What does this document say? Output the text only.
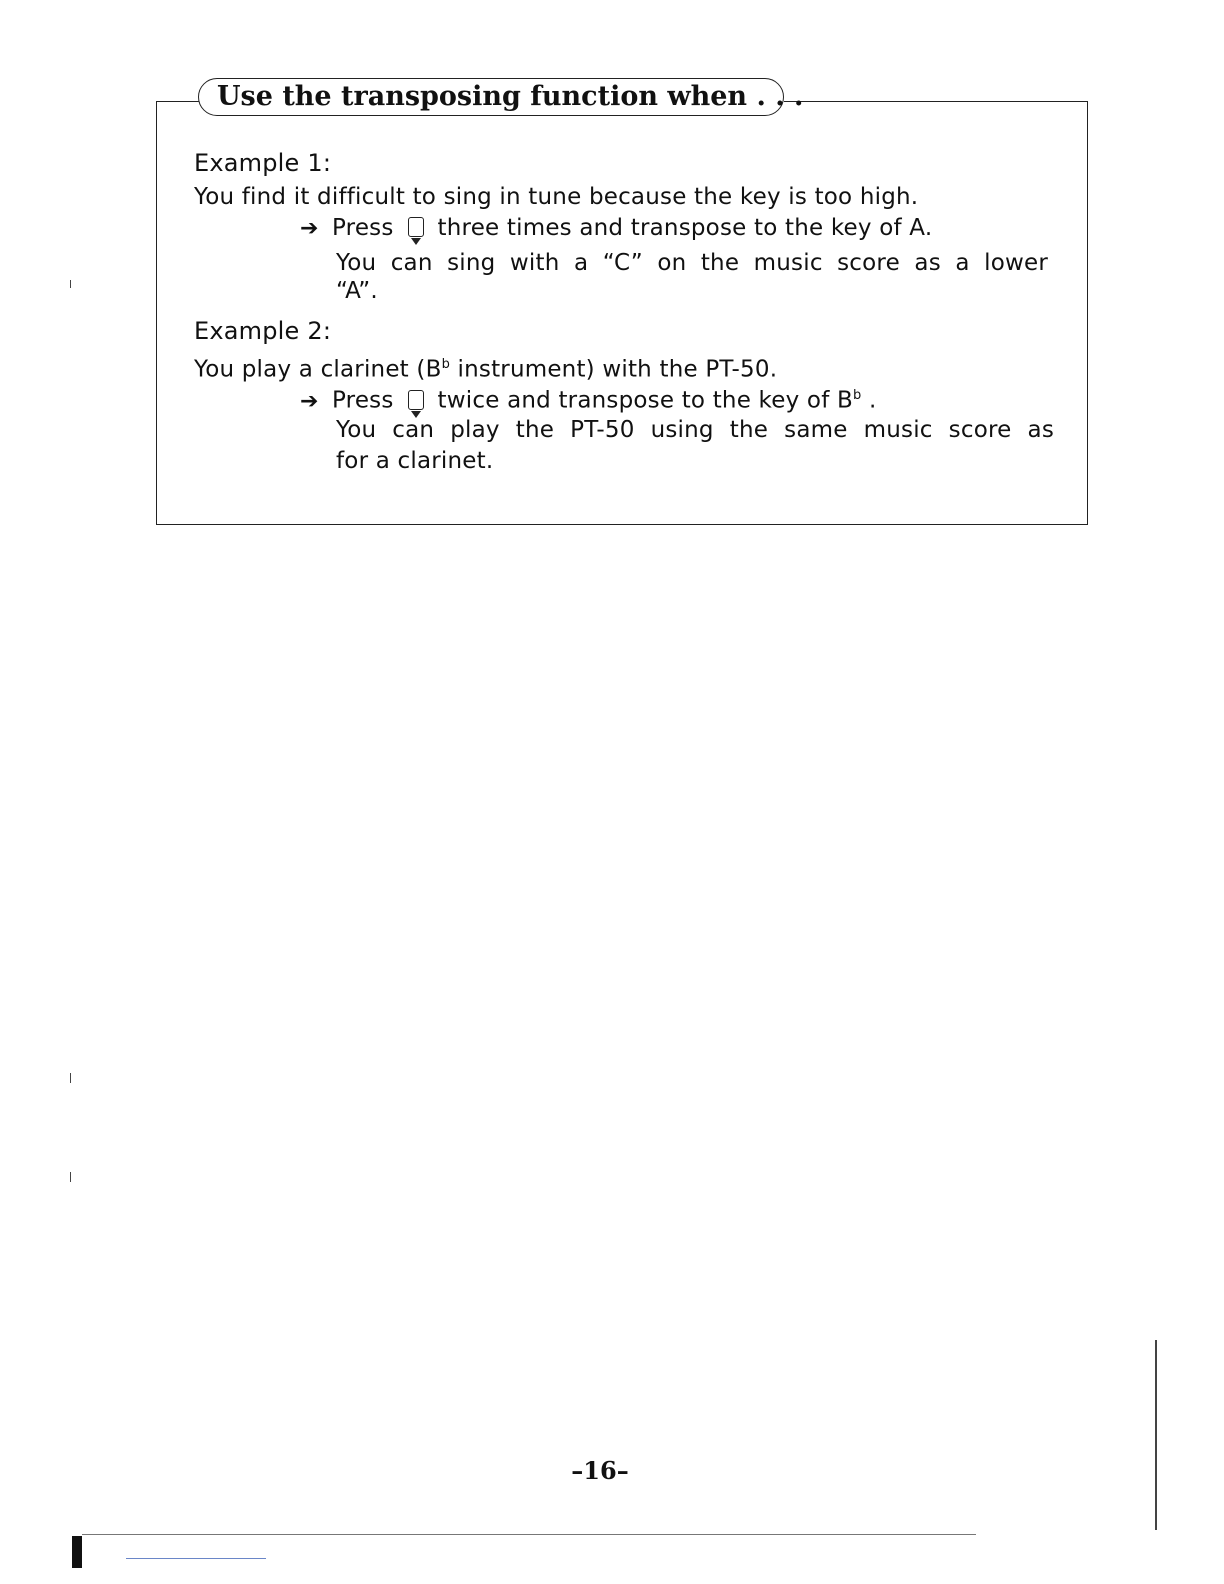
Use the transposing function when . . .
Example 1:
You find it difficult to sing in tune because the key is too high.
➔ Press three times and transpose to the key of A.
You can sing with a “C” on the music score as a lower
“A”.
Example 2:
You play a clarinet ($B^b$ instrument) with the PT-50.
➔ Press twice and transpose to the key of $B^b$ .
You can play the PT-50 using the same music score as
for a clarinet.
–16–
